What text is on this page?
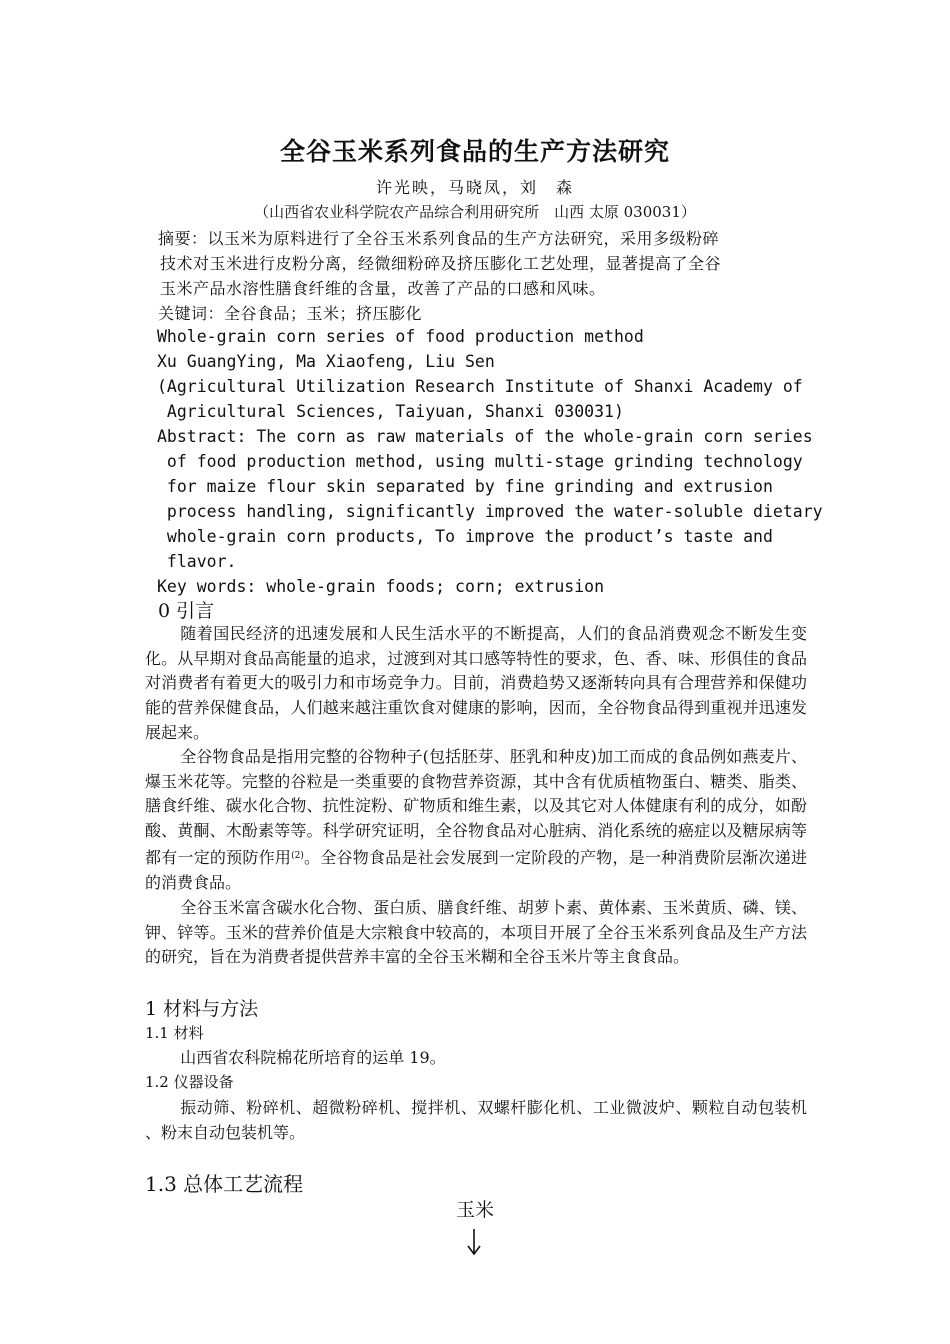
全谷玉米系列食品的生产方法研究
许光映，马晓凤，刘　森
（山西省农业科学院农产品综合利用研究所　山西 太原 030031）
摘要：以玉米为原料进行了全谷玉米系列食品的生产方法研究，采用多级粉碎
技术对玉米进行皮粉分离，经微细粉碎及挤压膨化工艺处理，显著提高了全谷
玉米产品水溶性膳食纤维的含量，改善了产品的口感和风味。
关键词：全谷食品；玉米；挤压膨化
Whole-grain corn series of food production method
Xu GuangYing, Ma Xiaofeng, Liu Sen
(Agricultural Utilization Research Institute of Shanxi Academy of
Agricultural Sciences, Taiyuan, Shanxi 030031)
Abstract: The corn as raw materials of the whole-grain corn series
of food production method, using multi-stage grinding technology
for maize flour skin separated by fine grinding and extrusion
process handling, significantly improved the water-soluble dietary
whole-grain corn products, To improve the product’s taste and
flavor.
Key words: whole-grain foods; corn; extrusion
0 引言

随着国民经济的迅速发展和人民生活水平的不断提高，人们的食品消费观念不断发生变化。从早期对食品高能量的追求，过渡到对其口感等特性的要求，色、香、味、形俱佳的食品对消费者有着更大的吸引力和市场竞争力。目前，消费趋势又逐渐转向具有合理营养和保健功能的营养保健食品，人们越来越注重饮食对健康的影响，因而，全谷物食品得到重视并迅速发展起来。

全谷物食品是指用完整的谷物种子(包括胚芽、胚乳和种皮)加工而成的食品例如燕麦片、爆玉米花等。完整的谷粒是一类重要的食物营养资源，其中含有优质植物蛋白、糖类、脂类、膳食纤维、碳水化合物、抗性淀粉、矿物质和维生素，以及其它对人体健康有利的成分，如酚酸、黄酮、木酚素等等。科学研究证明，全谷物食品对心脏病、消化系统的癌症以及糖尿病等都有一定的预防作用$^{(2)}$。全谷物食品是社会发展到一定阶段的产物，是一种消费阶层渐次递进的消费食品。

全谷玉米富含碳水化合物、蛋白质、膳食纤维、胡萝卜素、黄体素、玉米黄质、磷、镁、钾、锌等。玉米的营养价值是大宗粮食中较高的，本项目开展了全谷玉米系列食品及生产方法的研究，旨在为消费者提供营养丰富的全谷玉米糊和全谷玉米片等主食食品。

1 材料与方法
1.1 材料
山西省农科院棉花所培育的运单 19。
1.2 仪器设备
振动筛、粉碎机、超微粉碎机、搅拌机、双螺杆膨化机、工业微波炉、颗粒自动包装机 、粉末自动包装机等。
1.3 总体工艺流程
玉米
